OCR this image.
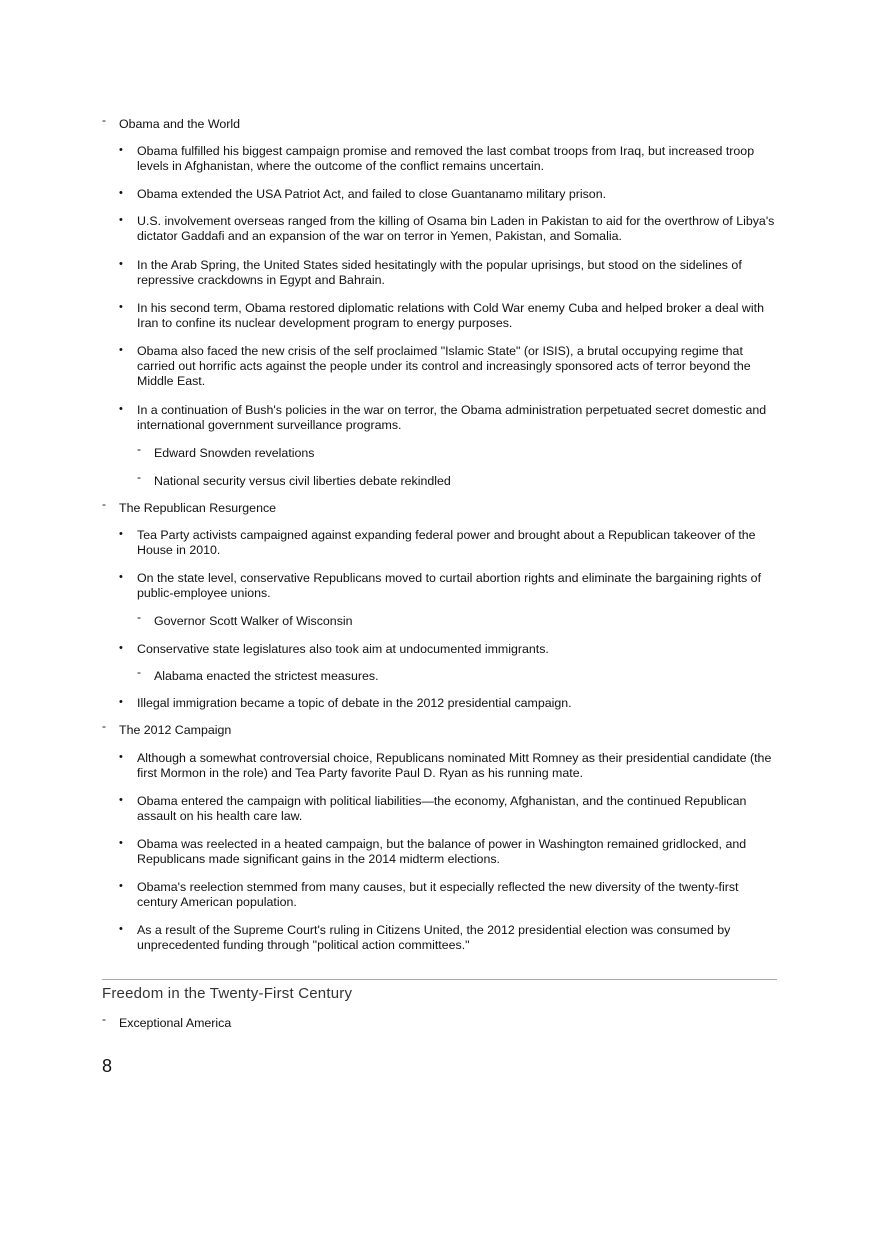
- Obama and the World
• Obama fulfilled his biggest campaign promise and removed the last combat troops from Iraq, but increased troop levels in Afghanistan, where the outcome of the conflict remains uncertain.
• Obama extended the USA Patriot Act, and failed to close Guantanamo military prison.
• U.S. involvement overseas ranged from the killing of Osama bin Laden in Pakistan to aid for the overthrow of Libya's dictator Gaddafi and an expansion of the war on terror in Yemen, Pakistan, and Somalia.
• In the Arab Spring, the United States sided hesitatingly with the popular uprisings, but stood on the sidelines of repressive crackdowns in Egypt and Bahrain.
• In his second term, Obama restored diplomatic relations with Cold War enemy Cuba and helped broker a deal with Iran to confine its nuclear development program to energy purposes.
• Obama also faced the new crisis of the self proclaimed "Islamic State" (or ISIS), a brutal occupying regime that carried out horrific acts against the people under its control and increasingly sponsored acts of terror beyond the Middle East.
• In a continuation of Bush's policies in the war on terror, the Obama administration perpetuated secret domestic and international government surveillance programs.
- Edward Snowden revelations
- National security versus civil liberties debate rekindled
- The Republican Resurgence
• Tea Party activists campaigned against expanding federal power and brought about a Republican takeover of the House in 2010.
• On the state level, conservative Republicans moved to curtail abortion rights and eliminate the bargaining rights of public-employee unions.
- Governor Scott Walker of Wisconsin
• Conservative state legislatures also took aim at undocumented immigrants.
- Alabama enacted the strictest measures.
• Illegal immigration became a topic of debate in the 2012 presidential campaign.
- The 2012 Campaign
• Although a somewhat controversial choice, Republicans nominated Mitt Romney as their presidential candidate (the first Mormon in the role) and Tea Party favorite Paul D. Ryan as his running mate.
• Obama entered the campaign with political liabilities—the economy, Afghanistan, and the continued Republican assault on his health care law.
• Obama was reelected in a heated campaign, but the balance of power in Washington remained gridlocked, and Republicans made significant gains in the 2014 midterm elections.
• Obama's reelection stemmed from many causes, but it especially reflected the new diversity of the twenty-first century American population.
• As a result of the Supreme Court's ruling in Citizens United, the 2012 presidential election was consumed by unprecedented funding through "political action committees."
Freedom in the Twenty-First Century
- Exceptional America
8
